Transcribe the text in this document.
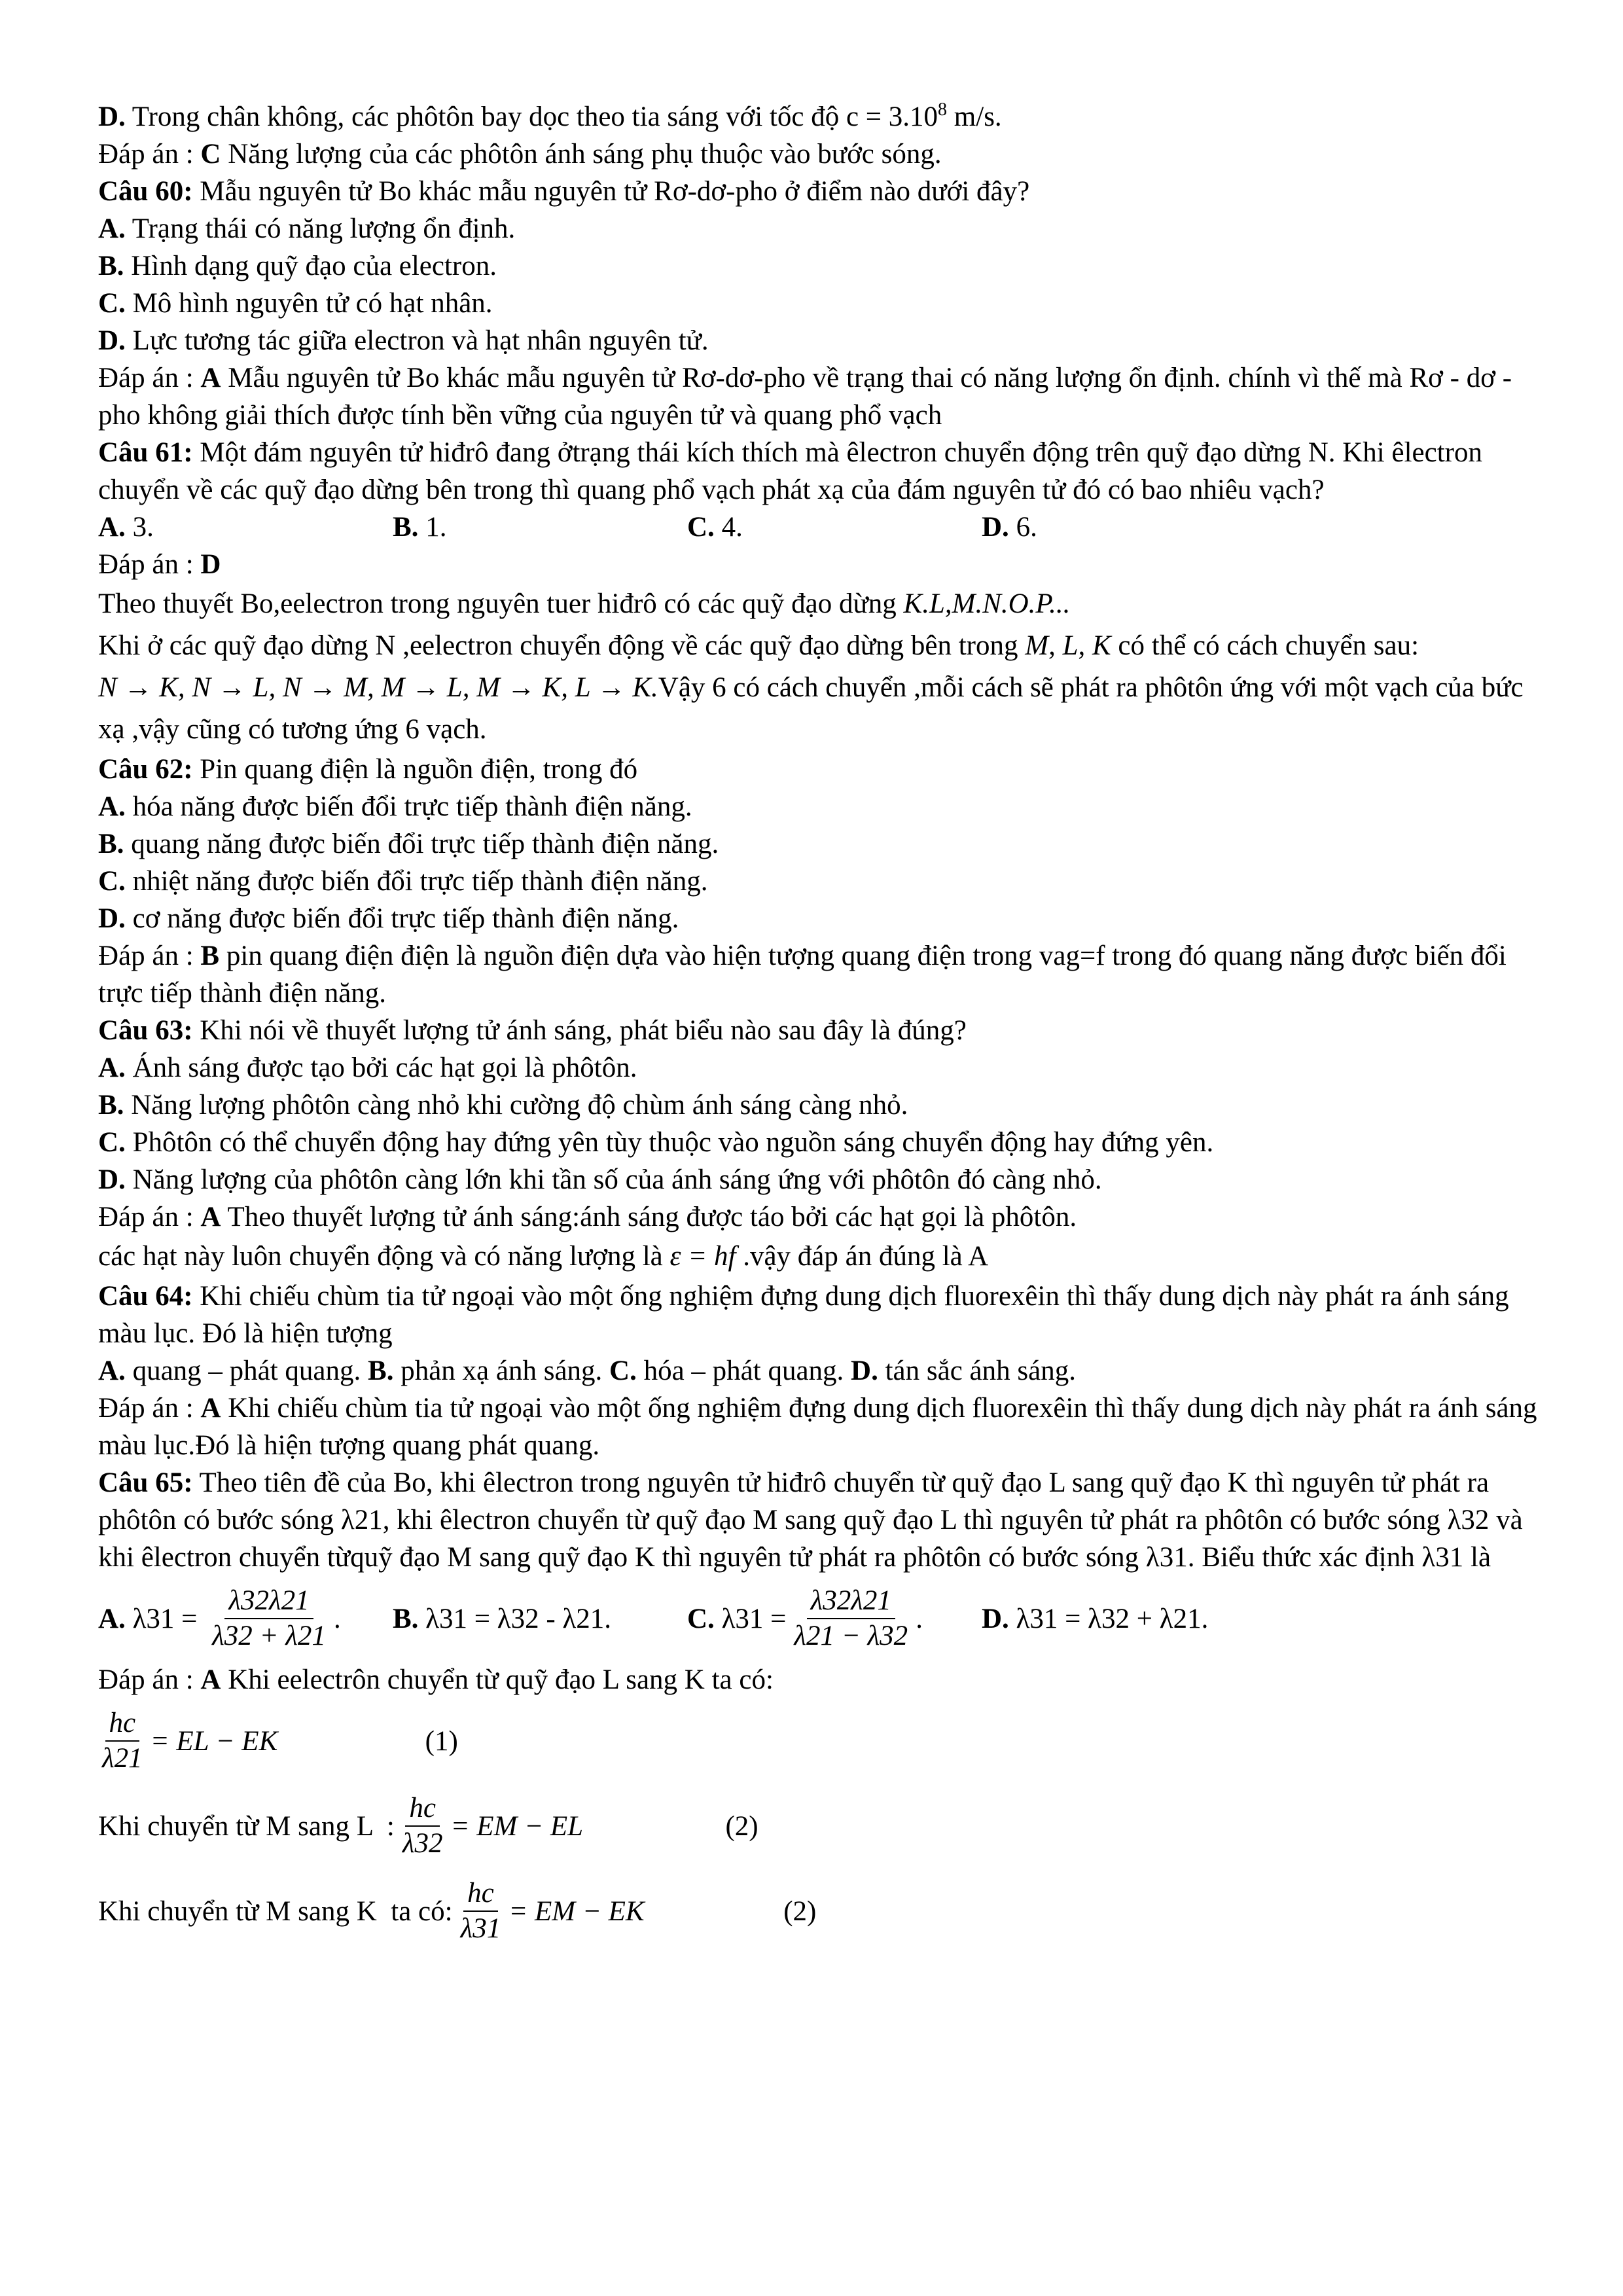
D. Trong chân không, các phôtôn bay dọc theo tia sáng với tốc độ $c = 3.10^8$ m/s.

Đáp án : C Năng lượng của các phôtôn ánh sáng phụ thuộc vào bước sóng.

Câu 60: Mẫu nguyên tử Bo khác mẫu nguyên tử Rơ-dơ-pho ở điểm nào dưới đây?

A. Trạng thái có năng lượng ổn định.

B. Hình dạng quỹ đạo của electron.

C. Mô hình nguyên tử có hạt nhân.

D. Lực tương tác giữa electron và hạt nhân nguyên tử.

Đáp án : A Mẫu nguyên tử Bo khác mẫu nguyên tử Rơ-dơ-pho về trạng thai có năng lượng ổn định. chính vì thế mà Rơ - dơ - pho không giải thích được tính bền vững của nguyên tử và quang phổ vạch

Câu 61: Một đám nguyên tử hiđrô đang ởtrạng thái kích thích mà êlectron chuyển động trên quỹ đạo dừng N. Khi êlectron chuyển về các quỹ đạo dừng bên trong thì quang phổ vạch phát xạ của đám nguyên tử đó có bao nhiêu vạch?

A. 3.	B. 1.	C. 4.	D. 6.

Đáp án : D

Theo thuyết Bo,eelectron trong nguyên tuer hiđrô có các quỹ đạo dừng K.L,M.N.O.P...

Khi ở các quỹ đạo dừng N ,eelectron chuyển động về các quỹ đạo dừng bên trong M, L, K có thể có cách chuyển sau:

N → K, N → L, N → M, M → L, M → K, L → K.Vậy 6 có cách chuyển ,mỗi cách sẽ phát ra phôtôn ứng với một vạch của bức xạ ,vậy cũng có tương ứng 6 vạch.

Câu 62: Pin quang điện là nguồn điện, trong đó

A. hóa năng được biến đổi trực tiếp thành điện năng.

B. quang năng được biến đổi trực tiếp thành điện năng.

C. nhiệt năng được biến đổi trực tiếp thành điện năng.

D. cơ năng được biến đổi trực tiếp thành điện năng.

Đáp án : B pin quang điện điện là nguồn điện dựa vào hiện tượng quang điện trong vag=f trong đó quang năng được biến đổi trực tiếp thành điện năng.

Câu 63: Khi nói về thuyết lượng tử ánh sáng, phát biểu nào sau đây là đúng?

A. Ánh sáng được tạo bởi các hạt gọi là phôtôn.

B. Năng lượng phôtôn càng nhỏ khi cường độ chùm ánh sáng càng nhỏ.

C. Phôtôn có thể chuyển động hay đứng yên tùy thuộc vào nguồn sáng chuyển động hay đứng yên.

D. Năng lượng của phôtôn càng lớn khi tần số của ánh sáng ứng với phôtôn đó càng nhỏ.

Đáp án : A Theo thuyết lượng tử ánh sáng:ánh sáng được táo bởi các hạt gọi là phôtôn.

các hạt này luôn chuyển động và có năng lượng là ε = hf .vậy đáp án đúng là A

Câu 64: Khi chiếu chùm tia tử ngoại vào một ống nghiệm đựng dung dịch fluorexêin thì thấy dung dịch này phát ra ánh sáng màu lục. Đó là hiện tượng

A. quang – phát quang. B. phản xạ ánh sáng. C. hóa – phát quang. D. tán sắc ánh sáng.

Đáp án : A Khi chiếu chùm tia tử ngoại vào một ống nghiệm đựng dung dịch fluorexêin thì thấy dung dịch này phát ra ánh sáng màu lục.Đó là hiện tượng quang phát quang.

Câu 65: Theo tiên đề của Bo, khi êlectron trong nguyên tử hiđrô chuyển từ quỹ đạo L sang quỹ đạo K thì nguyên tử phát ra phôtôn có bước sóng λ21, khi êlectron chuyển từ quỹ đạo M sang quỹ đạo L thì nguyên tử phát ra phôtôn có bước sóng λ32 và khi êlectron chuyển từquỹ đạo M sang quỹ đạo K thì nguyên tử phát ra phôtôn có bước sóng λ31. Biểu thức xác định λ31 là

A. $\lambda 31 = \frac{\lambda 32\lambda 21}{\lambda 32 + \lambda 21}$ .	B. λ31 = λ32 - λ21.	C. $\lambda 31 = \frac{\lambda 32\lambda 21}{\lambda 21 - \lambda 32}$ .	D. λ31 = λ32 + λ21.

Đáp án : A Khi eelectrôn chuyển từ quỹ đạo L sang K ta có:

$\frac{hc}{\lambda 21}$ = EL − EK	(1)
Khi chuyển từ M sang L  : $\frac{hc}{\lambda 32}$ = EM − EL	(2)
Khi chuyển từ M sang K  ta có: $\frac{hc}{\lambda 31}$ = EM − EK	(2)
